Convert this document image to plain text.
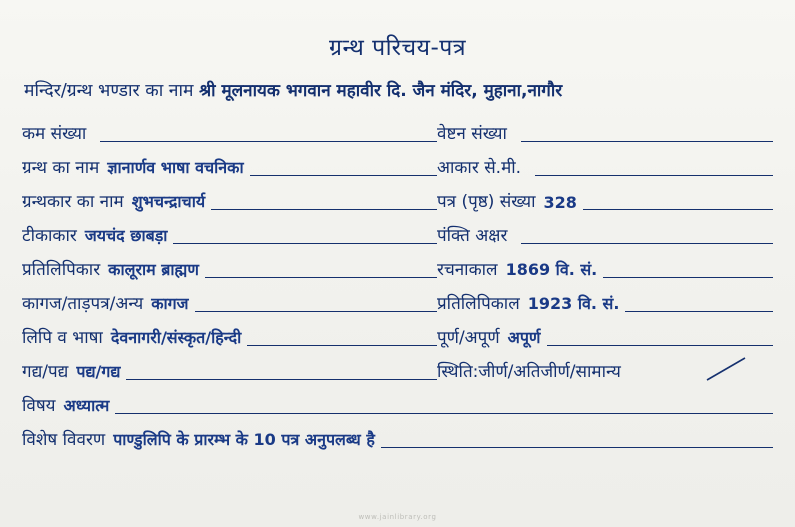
ग्रन्थ परिचय-पत्र
मन्दिर/ग्रन्थ भण्डार का नाम श्री मूलनायक भगवान महावीर दि. जैन मंदिर, मुहाना,नागौर
कम संख्या	वेष्टन संख्या
ग्रन्थ का नाम ज्ञानार्णव भाषा वचनिका	आकार से.मी.
ग्रन्थकार का नाम शुभचन्द्राचार्य	पत्र (पृष्ठ) संख्या 328
टीकाकार जयचंद छाबड़ा	पंक्ति अक्षर
प्रतिलिपिकार कालूराम ब्राह्मण	रचनाकाल 1869 वि. सं.
कागज/ताड़पत्र/अन्य कागज	प्रतिलिपिकाल 1923 वि. सं.
लिपि व भाषा देवनागरी/संस्कृत/हिन्दी	पूर्ण/अपूर्ण अपूर्ण
गद्य/पद्य पद्य/गद्य	स्थिति:जीर्ण/अतिजीर्ण/सामान्य
विषय अध्यात्म
विशेष विवरण पाण्डुलिपि के प्रारम्भ के 10 पत्र अनुपलब्ध है
www.jainlibrary.org
